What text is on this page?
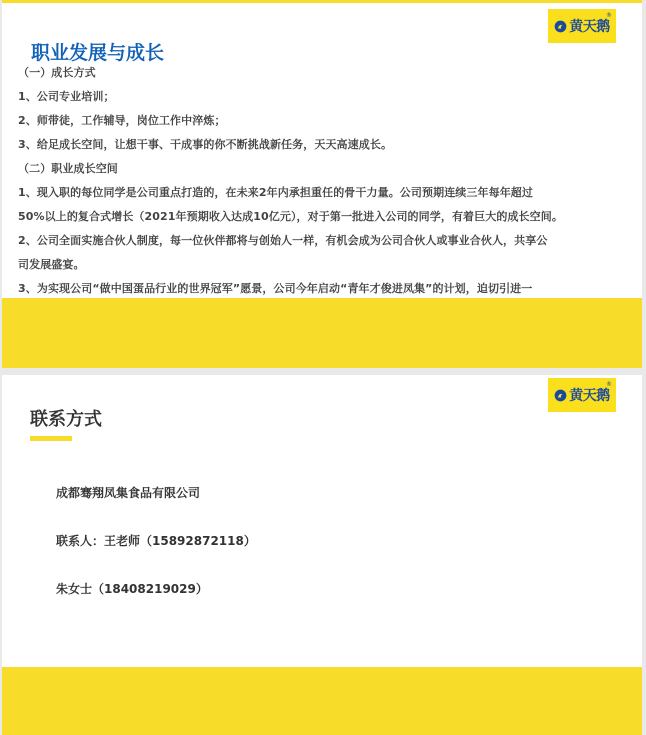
黄天鹅
®
职业发展与成长

（一）成长方式

1、公司专业培训；

2、师带徒，工作辅导，岗位工作中淬炼；

3、给足成长空间，让想干事、干成事的你不断挑战新任务，天天高速成长。

（二）职业成长空间

1、现入职的每位同学是公司重点打造的，在未来2年内承担重任的骨干力量。公司预期连续三年每年超过

50%以上的复合式增长（2021年预期收入达成10亿元），对于第一批进入公司的同学，有着巨大的成长空间。

2、公司全面实施合伙人制度，每一位伙伴都将与创始人一样，有机会成为公司合伙人或事业合伙人，共享公

司发展盛宴。

3、为实现公司“做中国蛋品行业的世界冠军”愿景，公司今年启动“青年才俊进凤集”的计划，迫切引进一

黄天鹅
®
联系方式

成都骞翔凤集食品有限公司

联系人：王老师（15892872118）

朱女士（18408219029）
